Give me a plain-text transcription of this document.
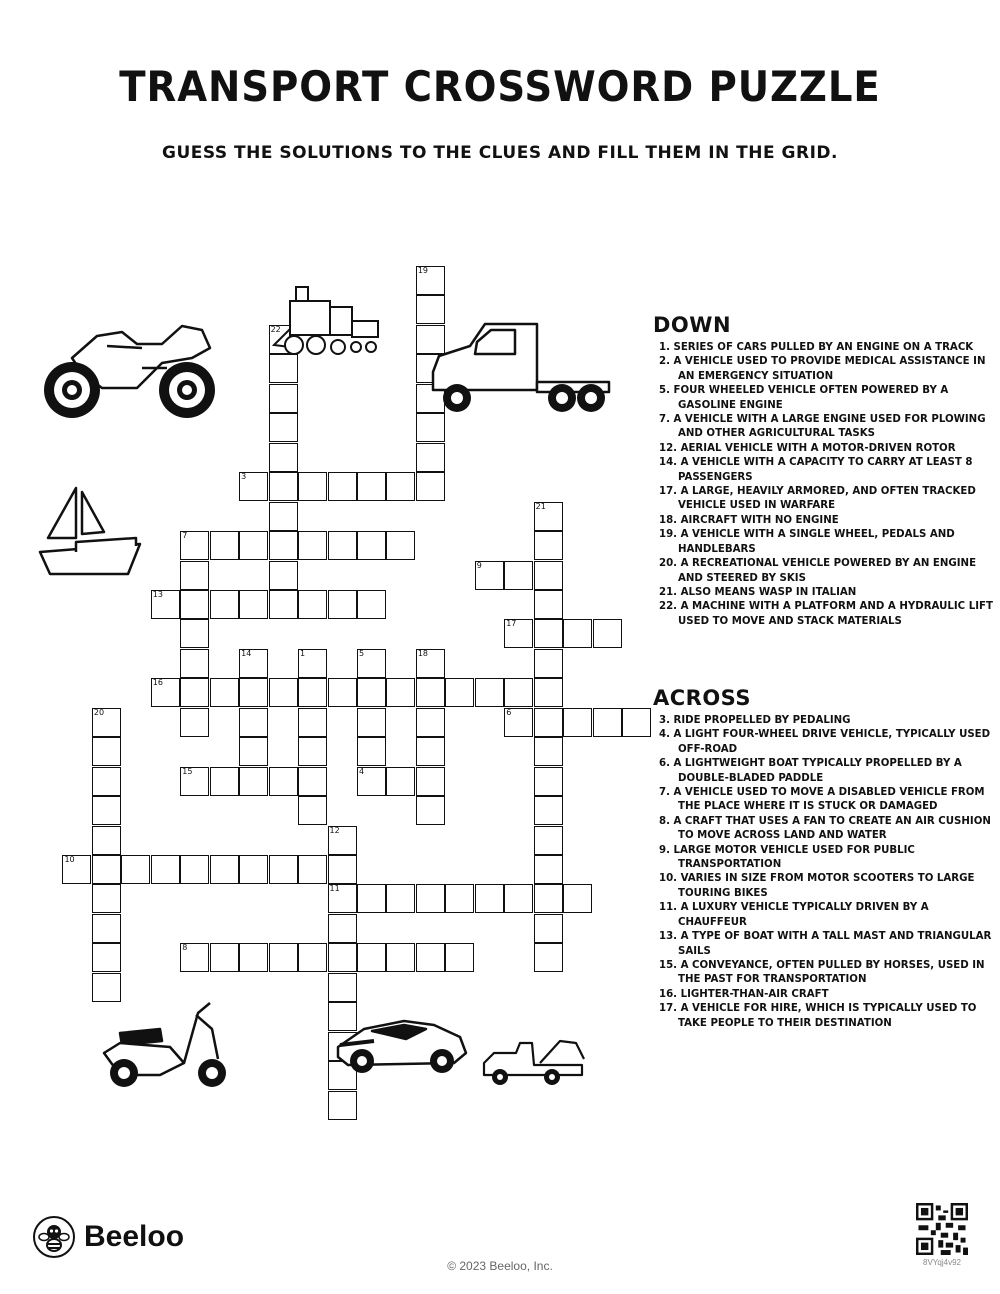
TRANSPORT CROSSWORD PUZZLE
GUESS THE SOLUTIONS TO THE CLUES AND FILL THEM IN THE GRID.
19
22
3
21
7
9
13
17
14	1	5	18
16
20	6
15	4
12
11
10
8
DOWN
1. SERIES OF CARS PULLED BY AN ENGINE ON A TRACK
2. A VEHICLE USED TO PROVIDE MEDICAL ASSISTANCE IN AN EMERGENCY SITUATION
5. FOUR WHEELED VEHICLE OFTEN POWERED BY A GASOLINE ENGINE
7. A VEHICLE WITH A LARGE ENGINE USED FOR PLOWING AND OTHER AGRICULTURAL TASKS
12. AERIAL VEHICLE WITH A MOTOR-DRIVEN ROTOR
14. A VEHICLE WITH A CAPACITY TO CARRY AT LEAST 8 PASSENGERS
17. A LARGE, HEAVILY ARMORED, AND OFTEN TRACKED VEHICLE USED IN WARFARE
18. AIRCRAFT WITH NO ENGINE
19. A VEHICLE WITH A SINGLE WHEEL, PEDALS AND HANDLEBARS
20. A RECREATIONAL VEHICLE POWERED BY AN ENGINE AND STEERED BY SKIS
21. ALSO MEANS WASP IN ITALIAN
22. A MACHINE WITH A PLATFORM AND A HYDRAULIC LIFT USED TO MOVE AND STACK MATERIALS
ACROSS
3. RIDE PROPELLED BY PEDALING
4. A LIGHT FOUR-WHEEL DRIVE VEHICLE, TYPICALLY USED OFF-ROAD
6. A LIGHTWEIGHT BOAT TYPICALLY PROPELLED BY A DOUBLE-BLADED PADDLE
7. A VEHICLE USED TO MOVE A DISABLED VEHICLE FROM THE PLACE WHERE IT IS STUCK OR DAMAGED
8. A CRAFT THAT USES A FAN TO CREATE AN AIR CUSHION TO MOVE ACROSS LAND AND WATER
9. LARGE MOTOR VEHICLE USED FOR PUBLIC TRANSPORTATION
10. VARIES IN SIZE FROM MOTOR SCOOTERS TO LARGE TOURING BIKES
11. A LUXURY VEHICLE TYPICALLY DRIVEN BY A CHAUFFEUR
13. A TYPE OF BOAT WITH A TALL MAST AND TRIANGULAR SAILS
15. A CONVEYANCE, OFTEN PULLED BY HORSES, USED IN THE PAST FOR TRANSPORTATION
16. LIGHTER-THAN-AIR CRAFT
17. A VEHICLE FOR HIRE, WHICH IS TYPICALLY USED TO TAKE PEOPLE TO THEIR DESTINATION
Beeloo
© 2023 Beeloo, Inc.	8VYqj4v92
